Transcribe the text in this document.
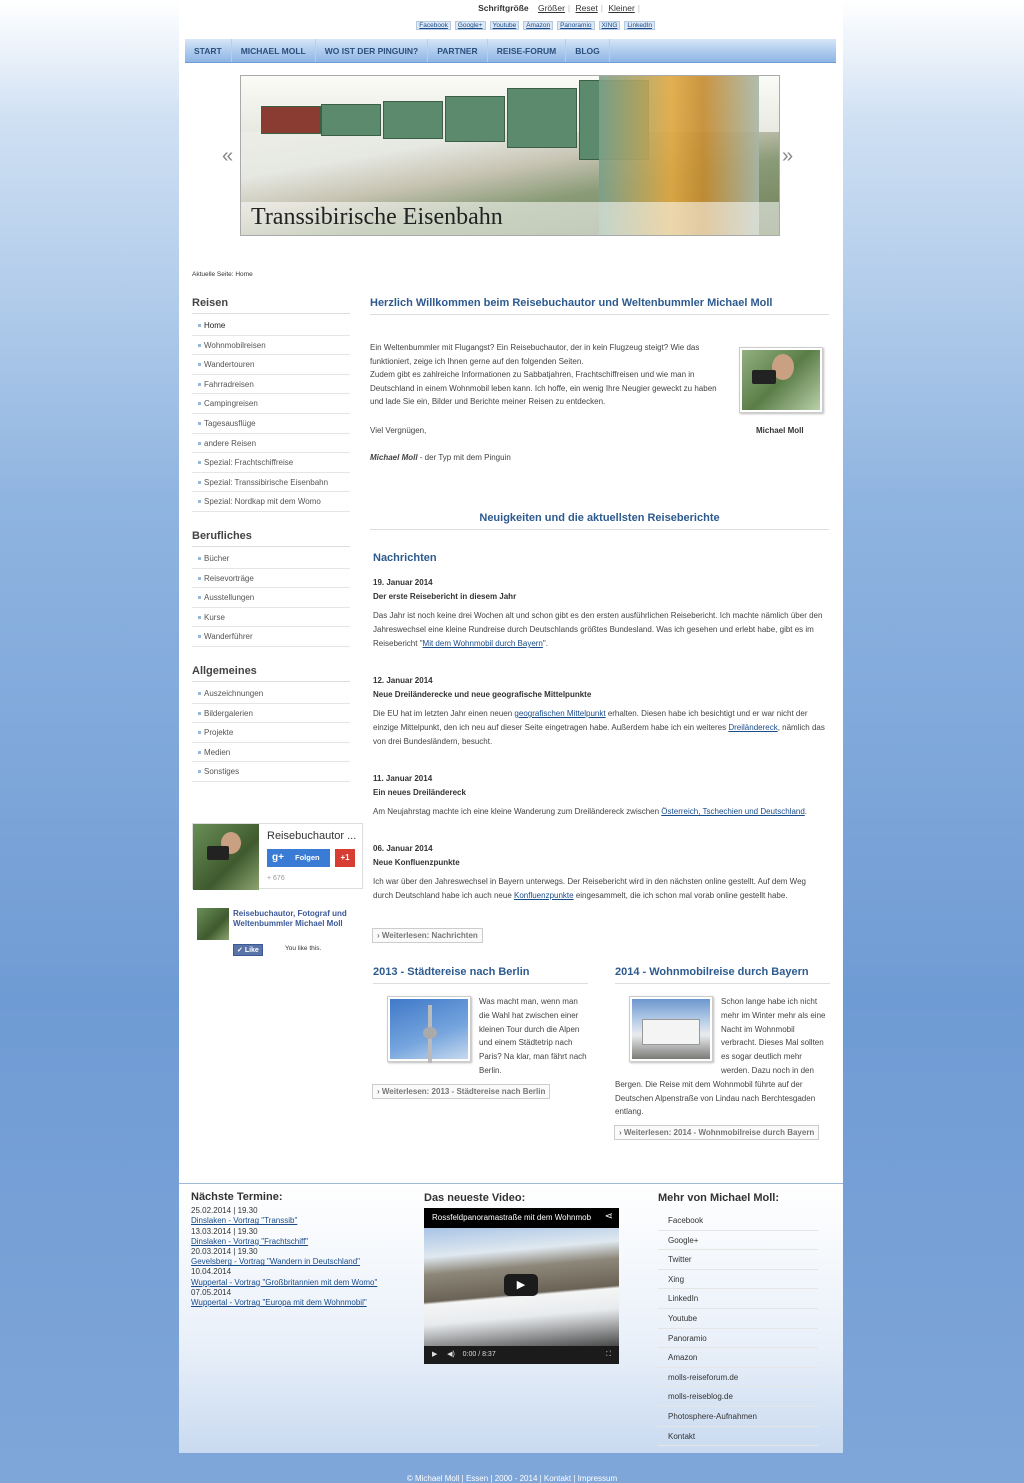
Schriftgröße Größer | Reset | Kleiner |
Facebook	Google+	Youtube	Amazon	Panoramio	XING	LinkedIn
START	MICHAEL MOLL	WO IST DER PINGUIN?	PARTNER	REISE-FORUM	BLOG
«	»
Transsibirische Eisenbahn
Aktuelle Seite: Home
Reisen
Home
Wohnmobilreisen
Wandertouren
Fahrradreisen
Campingreisen
Tagesausflüge
andere Reisen
Spezial: Frachtschiffreise
Spezial: Transsibirische Eisenbahn
Spezial: Nordkap mit dem Womo
Berufliches
Bücher
Reisevorträge
Ausstellungen
Kurse
Wanderführer
Allgemeines
Auszeichnungen
Bildergalerien
Projekte
Medien
Sonstiges
Reisebuchautor ...
g+ Folgen	+1
+ 676
Reisebuchautor, Fotograf und Weltenbummler Michael Moll
✓ Like	You like this.
Herzlich Willkommen beim Reisebuchautor und Weltenbummler Michael Moll

Ein Weltenbummler mit Flugangst? Ein Reisebuchautor, der in kein Flugzeug steigt? Wie das funktioniert, zeige ich Ihnen gerne auf den folgenden Seiten.

Zudem gibt es zahlreiche Informationen zu Sabbatjahren, Frachtschiffreisen und wie man in Deutschland in einem Wohnmobil leben kann. Ich hoffe, ein wenig Ihre Neugier geweckt zu haben und lade Sie ein, Bilder und Berichte meiner Reisen zu entdecken.

Michael Moll
Viel Vergnügen,
Michael Moll - der Typ mit dem Pinguin
Neuigkeiten und die aktuellsten Reiseberichte
Nachrichten
19. Januar 2014
Der erste Reisebericht in diesem Jahr
Das Jahr ist noch keine drei Wochen alt und schon gibt es den ersten ausführlichen Reisebericht. Ich machte nämlich über den Jahreswechsel eine kleine Rundreise durch Deutschlands größtes Bundesland. Was ich gesehen und erlebt habe, gibt es im Reisebericht "Mit dem Wohnmobil durch Bayern".
12. Januar 2014
Neue Dreiländerecke und neue geografische Mittelpunkte
Die EU hat im letzten Jahr einen neuen geografischen Mittelpunkt erhalten. Diesen habe ich besichtigt und er war nicht der einzige Mittelpunkt, den ich neu auf dieser Seite eingetragen habe. Außerdem habe ich ein weiteres Dreiländereck, nämlich das von drei Bundesländern, besucht.
11. Januar 2014
Ein neues Dreiländereck
Am Neujahrstag machte ich eine kleine Wanderung zum Dreiländereck zwischen Österreich, Tschechien und Deutschland.
06. Januar 2014
Neue Konfluenzpunkte
Ich war über den Jahreswechsel in Bayern unterwegs. Der Reisebericht wird in den nächsten online gestellt. Auf dem Weg durch Deutschland habe ich auch neue Konfluenzpunkte eingesammelt, die ich schon mal vorab online gestellt habe.
› Weiterlesen: Nachrichten
2013 - Städtereise nach Berlin

Was macht man, wenn man die Wahl hat zwischen einer kleinen Tour durch die Alpen und einem Städtetrip nach Paris? Na klar, man fährt nach Berlin.

› Weiterlesen: 2013 - Städtereise nach Berlin
2014 - Wohnmobilreise durch Bayern

Schon lange habe ich nicht mehr im Winter mehr als eine Nacht im Wohnmobil verbracht. Dieses Mal sollten es sogar deutlich mehr werden. Dazu noch in den Bergen. Die Reise mit dem Wohnmobil führte auf der Deutschen Alpenstraße von Lindau nach Berchtesgaden entlang.

› Weiterlesen: 2014 - Wohnmobilreise durch Bayern
Nächste Termine:
25.02.2014 | 19.30
Dinslaken - Vortrag "Transsib"
13.03.2014 | 19.30
Dinslaken - Vortrag "Frachtschiff"
20.03.2014 | 19.30
Gevelsberg - Vortrag "Wandern in Deutschland"
10.04.2014
Wuppertal - Vortrag "Großbritannien mit dem Womo"
07.05.2014
Wuppertal - Vortrag "Europa mit dem Wohnmobil"
Das neueste Video:
Rossfeldpanoramastraße mit dem Wohnmob	⋖
▶
▶ ◀) 0:00 / 8:37	⛶
Mehr von Michael Moll:
Facebook
Google+
Twitter
Xing
LinkedIn
Youtube
Panoramio
Amazon
molls-reiseforum.de
molls-reiseblog.de
Photosphere-Aufnahmen
Kontakt
© Michael Moll | Essen | 2000 - 2014 | Kontakt | Impressum
